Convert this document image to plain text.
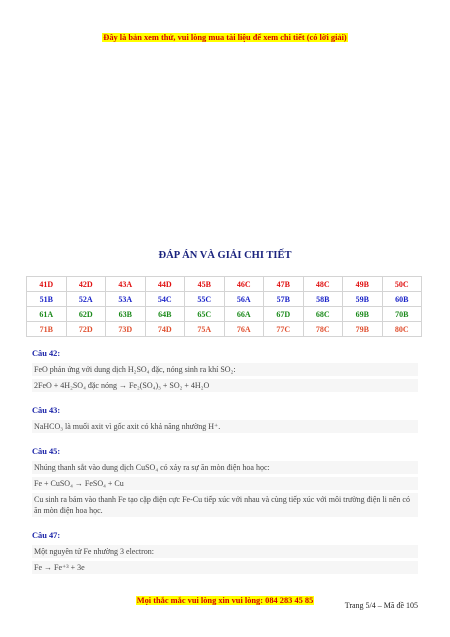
Đây là bản xem thử, vui lòng mua tài liệu để xem chi tiết (có lời giải)
ĐÁP ÁN VÀ GIẢI CHI TIẾT
41D	42D	43A	44D	45B	46C	47B	48C	49B	50C
51B	52A	53A	54C	55C	56A	57B	58B	59B	60B
61A	62D	63B	64B	65C	66A	67D	68C	69B	70B
71B	72D	73D	74D	75A	76A	77C	78C	79B	80C
Câu 42:
FeO phản ứng với dung dịch H₂SO₄ đặc, nóng sinh ra khí SO₂:
2FeO + 4H₂SO₄ đặc nóng → Fe₂(SO₄)₃ + SO₂ + 4H₂O
Câu 43:
NaHCO₃ là muối axit vì gốc axit có khả năng nhường H⁺.
Câu 45:
Nhúng thanh sắt vào dung dịch CuSO₄ có xảy ra sự ăn mòn điện hoa học:
Fe + CuSO₄ → FeSO₄ + Cu
Cu sinh ra bám vào thanh Fe tạo cặp điện cực Fe-Cu tiếp xúc với nhau và cùng tiếp xúc với môi trường điện li nên có ăn mòn điện hoa học.
Câu 47:
Một nguyên tử Fe nhường 3 electron:
Fe → Fe⁺³ + 3e
Mọi thắc mắc vui lòng xin vui lòng: 084 283 45 85
Trang 5/4 – Mã đề 105
